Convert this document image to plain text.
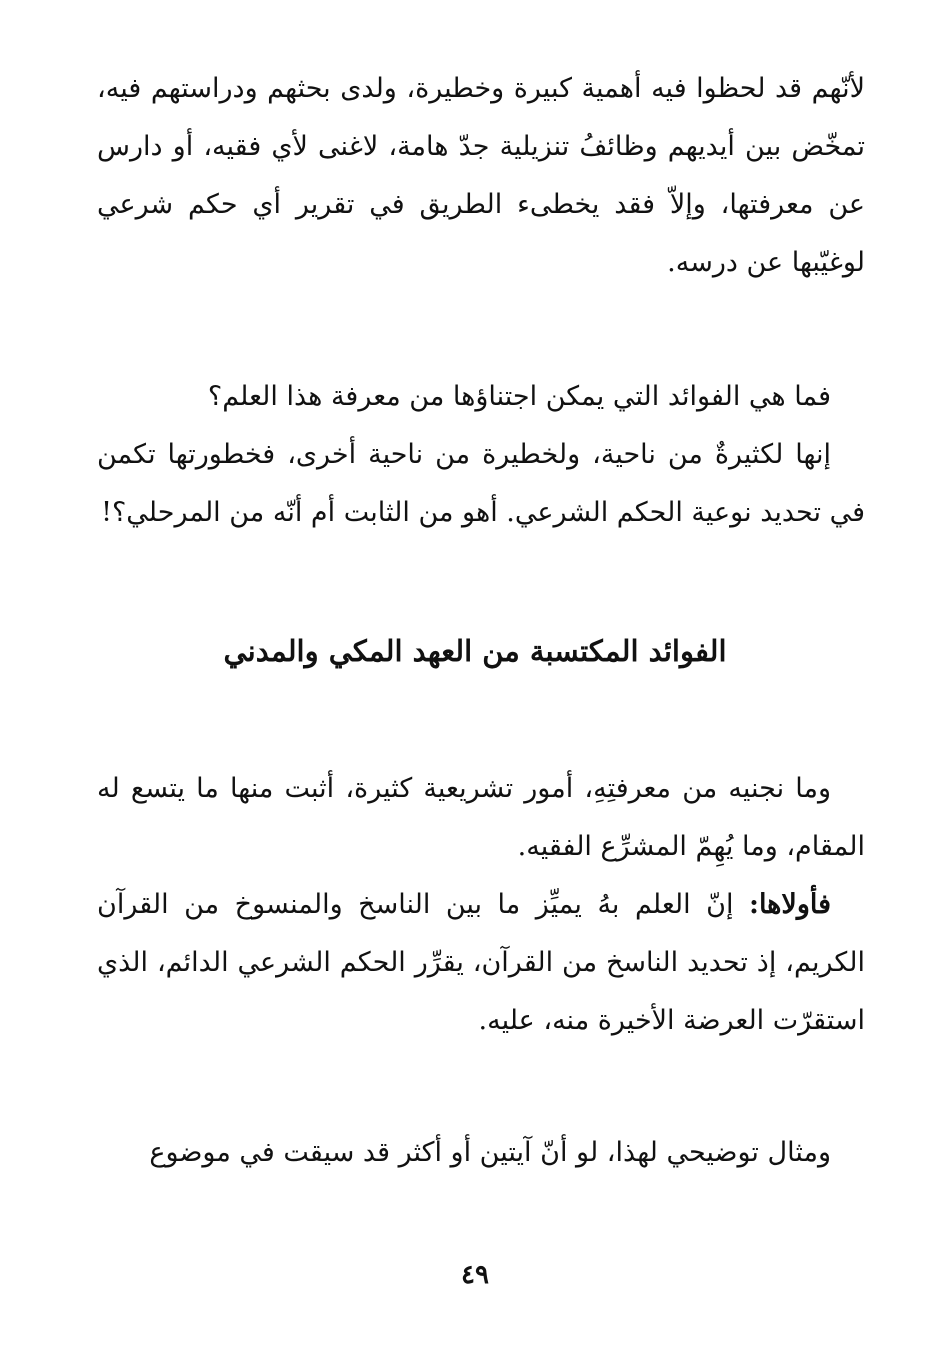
لأنّهم قد لحظوا فيه أهمية كبيرة وخطيرة، ولدى بحثهم ودراستهم فيه، تمخّض بين أيديهم وظائفُ تنزيلية جدّ هامة، لاغنى لأي فقيه، أو دارس عن معرفتها، وإلاّ فقد يخطىء الطريق في تقرير أي حكم شرعي لوغيّبها عن درسه.

فما هي الفوائد التي يمكن اجتناؤها من معرفة هذا العلم؟

إنها لكثيرةٌ من ناحية، ولخطيرة من ناحية أخرى، فخطورتها تكمن في تحديد نوعية الحكم الشرعي. أهو من الثابت أم أنّه من المرحلي؟!

الفوائد المكتسبة من العهد المكي والمدني

وما نجنيه من معرفتِهِ، أمور تشريعية كثيرة، أثبت منها ما يتسع له المقام، وما يُهِمّ المشرِّع الفقيه.

فأولاها: إنّ العلم بهُ يميِّز ما بين الناسخ والمنسوخ من القرآن الكريم، إذ تحديد الناسخ من القرآن، يقرِّر الحكم الشرعي الدائم، الذي استقرّت العرضة الأخيرة منه، عليه.

ومثال توضيحي لهذا، لو أنّ آيتين أو أكثر قد سيقت في موضوع

٤٩
